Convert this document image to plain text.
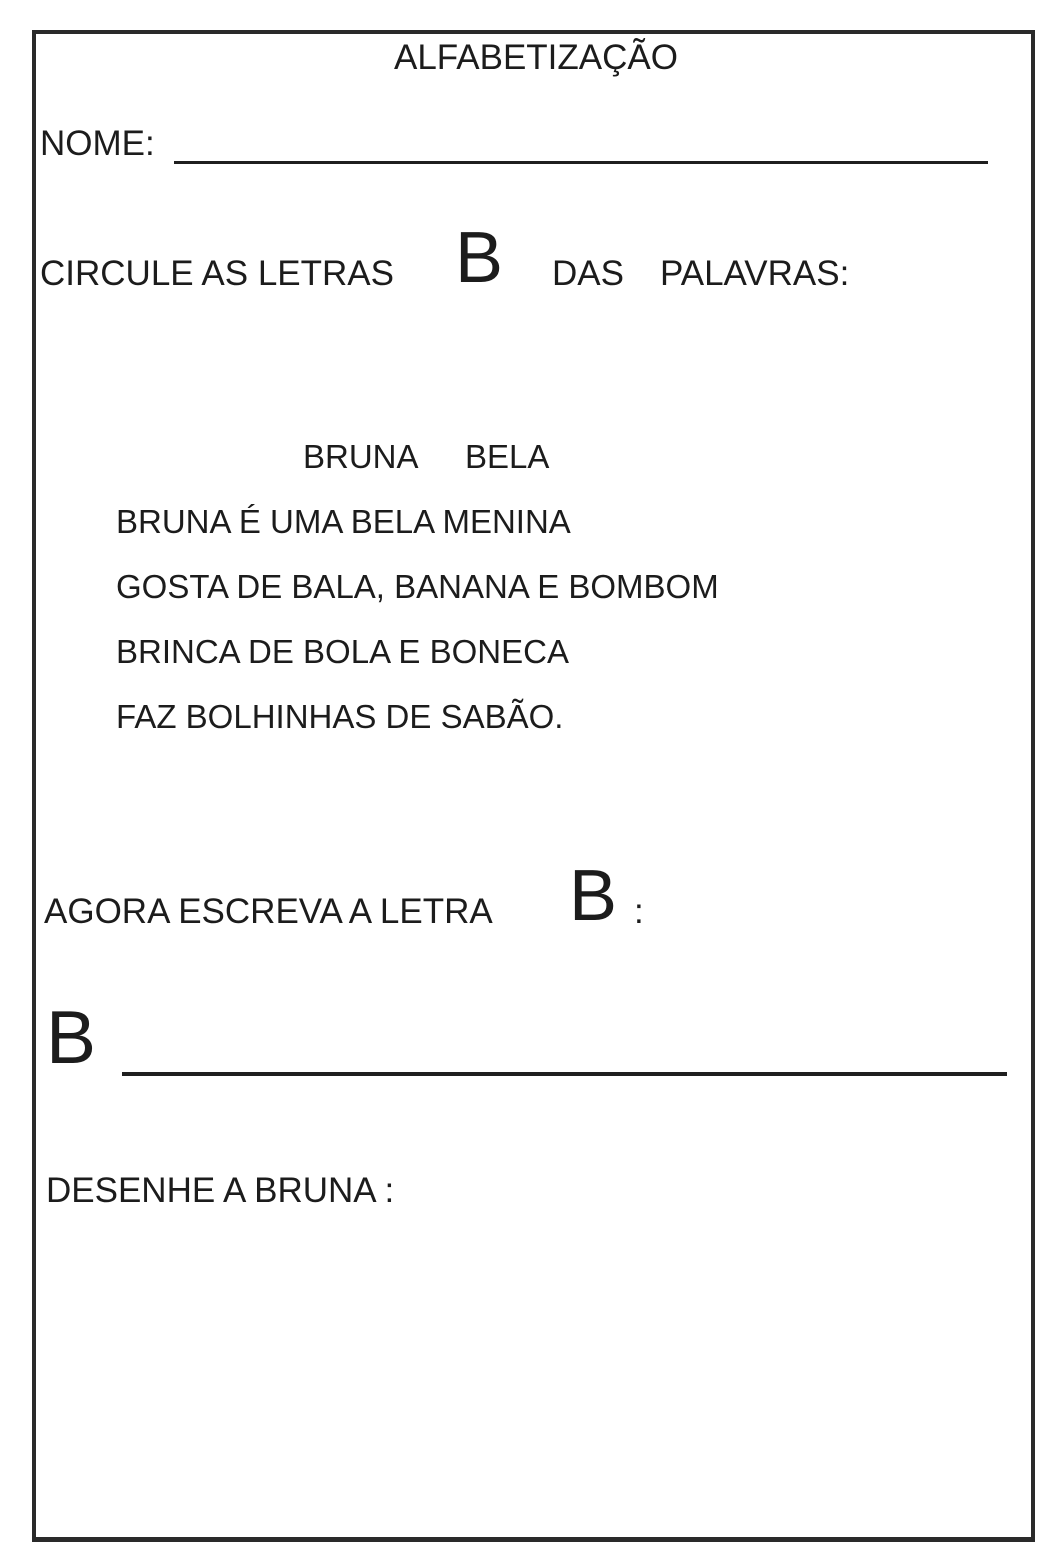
ALFABETIZAÇÃO
NOME:
CIRCULE AS LETRAS B DAS PALAVRAS:
BRUNA BELA
BRUNA É UMA BELA MENINA
GOSTA DE BALA, BANANA E BOMBOM
BRINCA DE BOLA E BONECA
FAZ BOLHINHAS DE SABÃO.
AGORA ESCREVA A LETRA B :
B
DESENHE A BRUNA :
